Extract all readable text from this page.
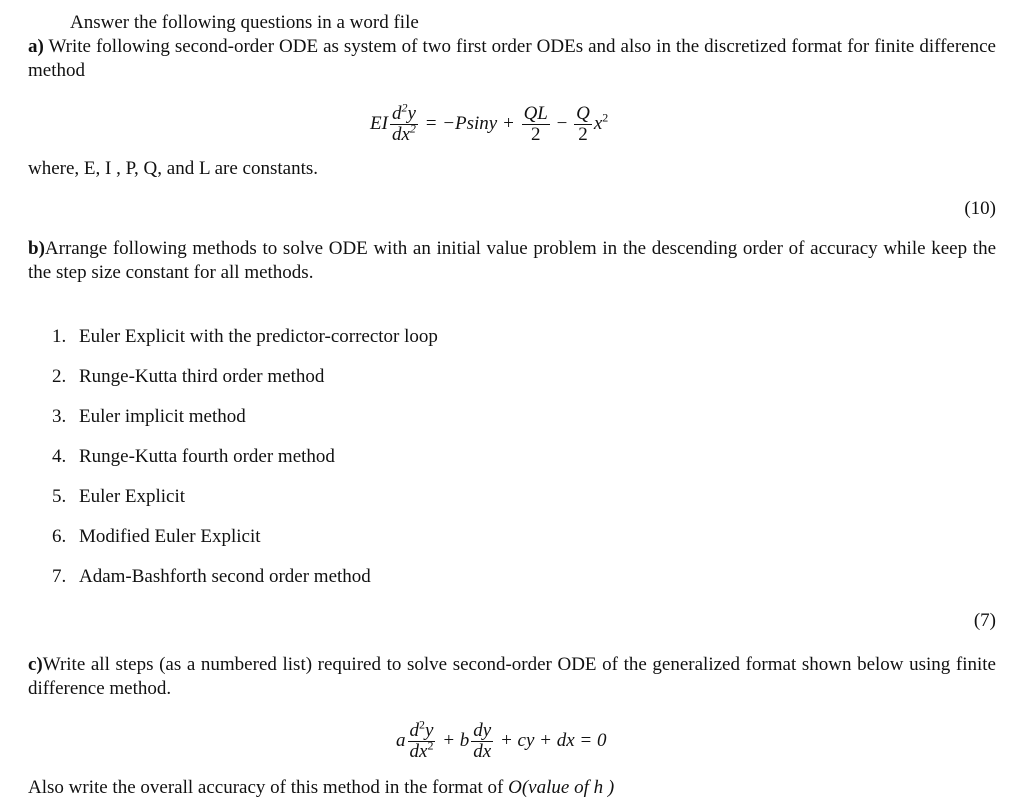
Answer the following questions in a word file
a) Write following second-order ODE as system of two first order ODEs and also in the discretized format for finite difference method
EI $\frac{d^2y}{dx^2} = -Psiny + \frac{QL}{2} - \frac{Q}{2} x^2$
where, E, I , P, Q, and L are constants.
(10)
b)Arrange following methods to solve ODE with an initial value problem in the descending order of accuracy while keep the the step size constant for all methods.
1. Euler Explicit with the predictor-corrector loop
2. Runge-Kutta third order method
3. Euler implicit method
4. Runge-Kutta fourth order method
5. Euler Explicit
6. Modified Euler Explicit
7. Adam-Bashforth second order method
(7)
c)Write all steps (as a numbered list) required to solve second-order ODE of the generalized format shown below using finite difference method.
a $\frac{d^2y}{dx^2} + b \frac{dy}{dx}$ + cy + dx = 0
Also write the overall accuracy of this method in the format of O(value of h )
